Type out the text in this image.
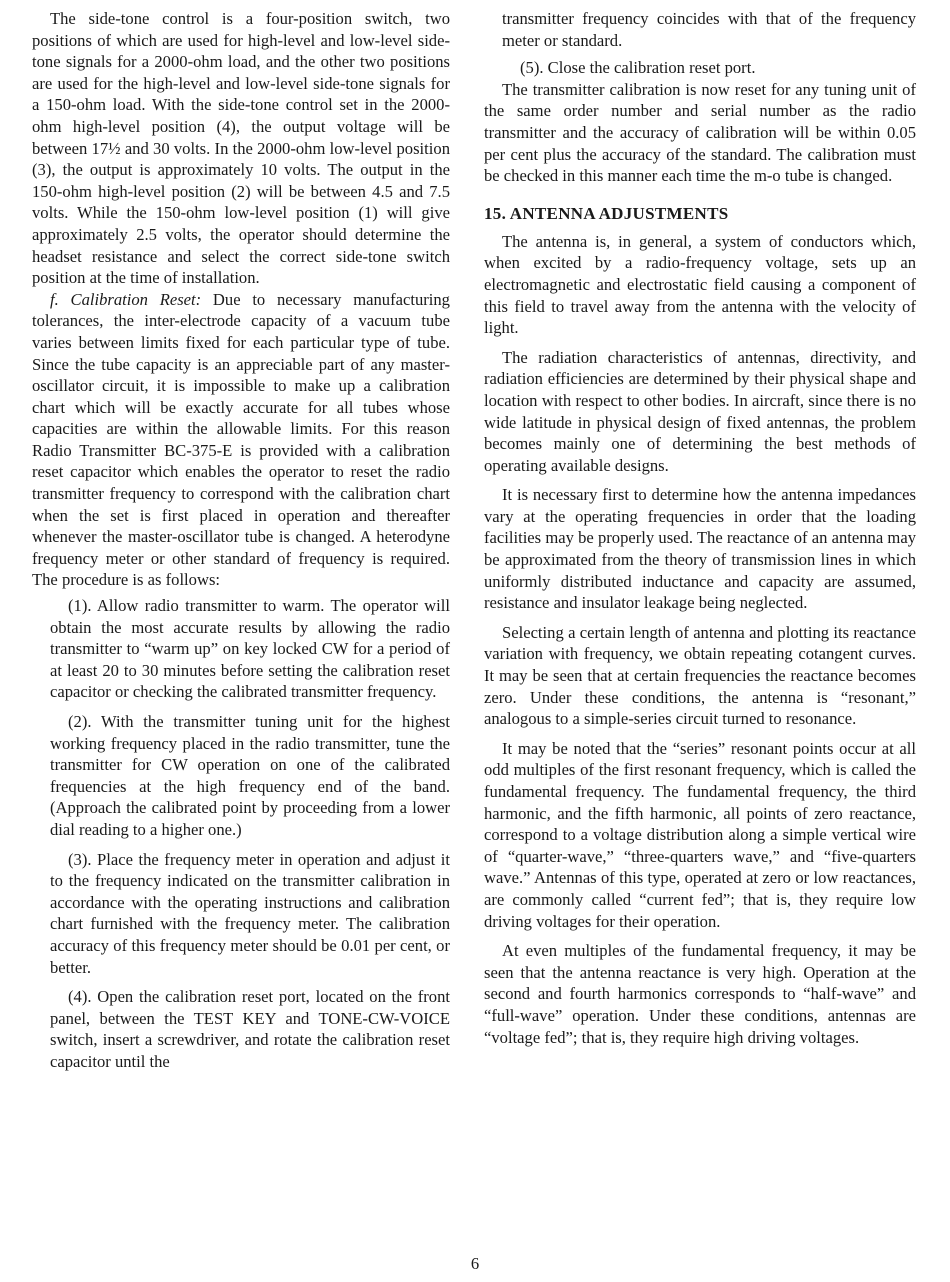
The side-tone control is a four-position switch, two positions of which are used for high-level and low-level side-tone signals for a 2000-ohm load, and the other two positions are used for the high-level and low-level side-tone signals for a 150-ohm load. With the side-tone control set in the 2000-ohm high-level position (4), the output voltage will be between 17½ and 30 volts. In the 2000-ohm low-level position (3), the output is approximately 10 volts. The output in the 150-ohm high-level position (2) will be between 4.5 and 7.5 volts. While the 150-ohm low-level position (1) will give approximately 2.5 volts, the operator should determine the headset resistance and select the correct side-tone switch position at the time of installation.

f. Calibration Reset: Due to necessary manufacturing tolerances, the inter-electrode capacity of a vacuum tube varies between limits fixed for each particular type of tube. Since the tube capacity is an appreciable part of any master-oscillator circuit, it is impossible to make up a calibration chart which will be exactly accurate for all tubes whose capacities are within the allowable limits. For this reason Radio Transmitter BC-375-E is provided with a calibration reset capacitor which enables the operator to reset the radio transmitter frequency to correspond with the calibration chart when the set is first placed in operation and thereafter whenever the master-oscillator tube is changed. A heterodyne frequency meter or other standard of frequency is required. The procedure is as follows:

(1). Allow radio transmitter to warm. The operator will obtain the most accurate results by allowing the radio transmitter to “warm up” on key locked CW for a period of at least 20 to 30 minutes before setting the calibration reset capacitor or checking the calibrated transmitter frequency.

(2). With the transmitter tuning unit for the highest working frequency placed in the radio transmitter, tune the transmitter for CW operation on one of the calibrated frequencies at the high frequency end of the band. (Approach the calibrated point by proceeding from a lower dial reading to a higher one.)

(3). Place the frequency meter in operation and adjust it to the frequency indicated on the transmitter calibration in accordance with the operating instructions and calibration chart furnished with the frequency meter. The calibration accuracy of this frequency meter should be 0.01 per cent, or better.

(4). Open the calibration reset port, located on the front panel, between the TEST KEY and TONE-CW-VOICE switch, insert a screwdriver, and rotate the calibration reset capacitor until the

transmitter frequency coincides with that of the frequency meter or standard.

(5). Close the calibration reset port.

The transmitter calibration is now reset for any tuning unit of the same order number and serial number as the radio transmitter and the accuracy of calibration will be within 0.05 per cent plus the accuracy of the standard. The calibration must be checked in this manner each time the m-o tube is changed.

15. ANTENNA ADJUSTMENTS

The antenna is, in general, a system of conductors which, when excited by a radio-frequency voltage, sets up an electromagnetic and electrostatic field causing a component of this field to travel away from the antenna with the velocity of light.

The radiation characteristics of antennas, directivity, and radiation efficiencies are determined by their physical shape and location with respect to other bodies. In aircraft, since there is no wide latitude in physical design of fixed antennas, the problem becomes mainly one of determining the best methods of operating available designs.

It is necessary first to determine how the antenna impedances vary at the operating frequencies in order that the loading facilities may be properly used. The reactance of an antenna may be approximated from the theory of transmission lines in which uniformly distributed inductance and capacity are assumed, resistance and insulator leakage being neglected.

Selecting a certain length of antenna and plotting its reactance variation with frequency, we obtain repeating cotangent curves. It may be seen that at certain frequencies the reactance becomes zero. Under these conditions, the antenna is “resonant,” analogous to a simple-series circuit turned to resonance.

It may be noted that the “series” resonant points occur at all odd multiples of the first resonant frequency, which is called the fundamental frequency. The fundamental frequency, the third harmonic, and the fifth harmonic, all points of zero reactance, correspond to a voltage distribution along a simple vertical wire of “quarter-wave,” “three-quarters wave,” and “five-quarters wave.” Antennas of this type, operated at zero or low reactances, are commonly called “current fed”; that is, they require low driving voltages for their operation.

At even multiples of the fundamental frequency, it may be seen that the antenna reactance is very high. Operation at the second and fourth harmonics corresponds to “half-wave” and “full-wave” operation. Under these conditions, antennas are “voltage fed”; that is, they require high driving voltages.

6
